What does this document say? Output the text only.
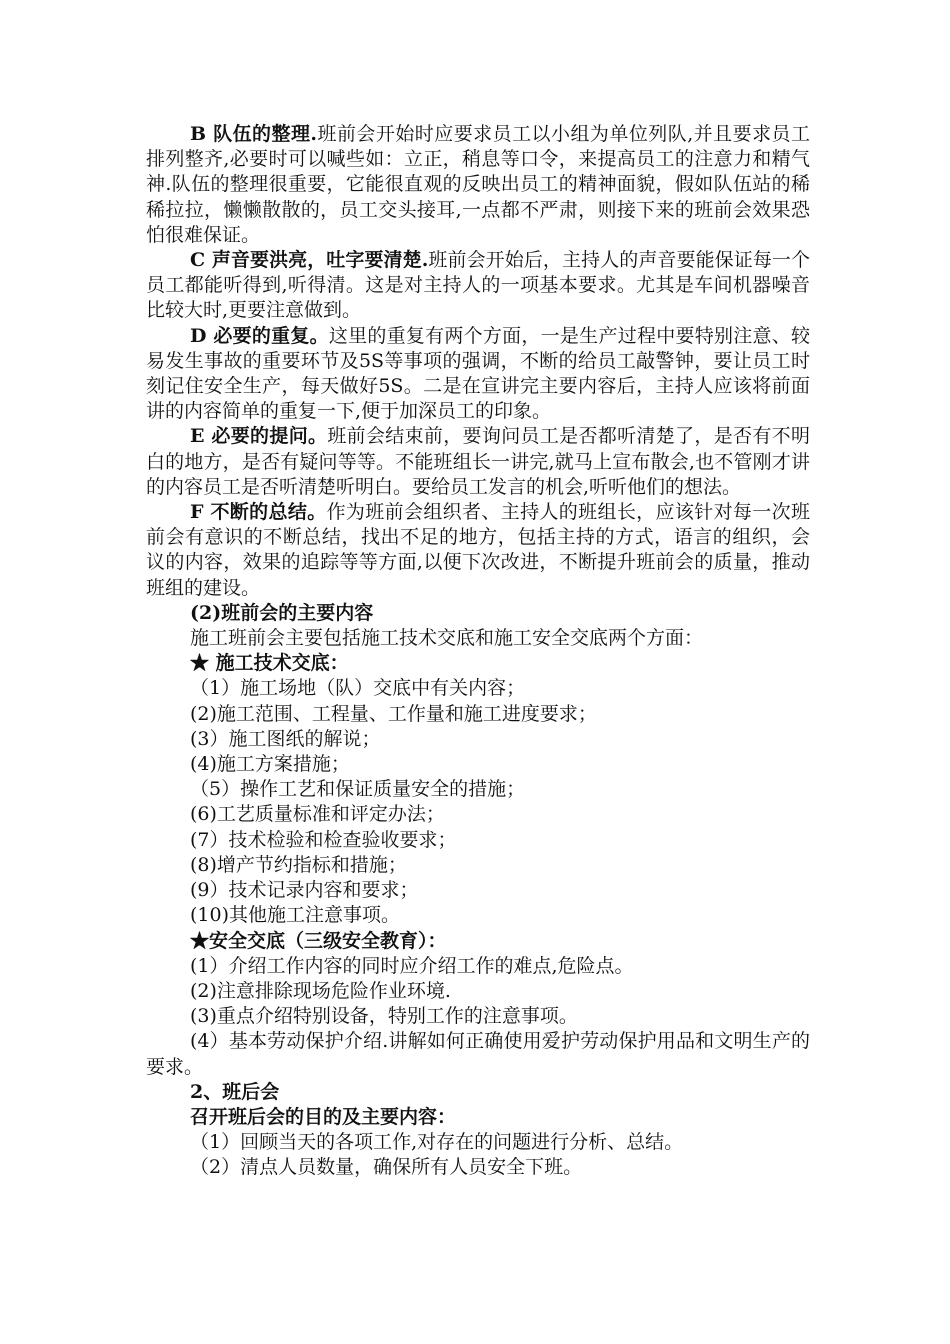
B 队伍的整理.班前会开始时应要求员工以小组为单位列队,并且要求员工排列整齐,必要时可以喊些如：立正，稍息等口令，来提高员工的注意力和精气神.队伍的整理很重要，它能很直观的反映出员工的精神面貌，假如队伍站的稀稀拉拉，懒懒散散的，员工交头接耳,一点都不严肃，则接下来的班前会效果恐怕很难保证。

C 声音要洪亮，吐字要清楚.班前会开始后，主持人的声音要能保证每一个员工都能听得到,听得清。这是对主持人的一项基本要求。尤其是车间机器噪音比较大时,更要注意做到。

D 必要的重复。这里的重复有两个方面，一是生产过程中要特别注意、较易发生事故的重要环节及5S等事项的强调，不断的给员工敲警钟，要让员工时刻记住安全生产，每天做好5S。二是在宣讲完主要内容后，主持人应该将前面讲的内容简单的重复一下,便于加深员工的印象。

E 必要的提问。班前会结束前，要询问员工是否都听清楚了，是否有不明白的地方，是否有疑问等等。不能班组长一讲完,就马上宣布散会,也不管刚才讲的内容员工是否听清楚听明白。要给员工发言的机会,听听他们的想法。

F 不断的总结。作为班前会组织者、主持人的班组长，应该针对每一次班前会有意识的不断总结，找出不足的地方，包括主持的方式，语言的组织，会议的内容，效果的追踪等等方面,以便下次改进，不断提升班前会的质量，推动班组的建设。

(2)班前会的主要内容

施工班前会主要包括施工技术交底和施工安全交底两个方面：

★ 施工技术交底：

（1）施工场地（队）交底中有关内容；

(2)施工范围、工程量、工作量和施工进度要求；

(3）施工图纸的解说；

(4)施工方案措施；

（5）操作工艺和保证质量安全的措施；

(6)工艺质量标准和评定办法；

(7）技术检验和检查验收要求；

(8)增产节约指标和措施；

(9）技术记录内容和要求；

(10)其他施工注意事项。

★安全交底（三级安全教育）：

(1）介绍工作内容的同时应介绍工作的难点,危险点。

(2)注意排除现场危险作业环境.

(3)重点介绍特别设备，特别工作的注意事项。

(4）基本劳动保护介绍.讲解如何正确使用爱护劳动保护用品和文明生产的要求。

2、班后会

召开班后会的目的及主要内容：

（1）回顾当天的各项工作,对存在的问题进行分析、总结。

（2）清点人员数量，确保所有人员安全下班。
